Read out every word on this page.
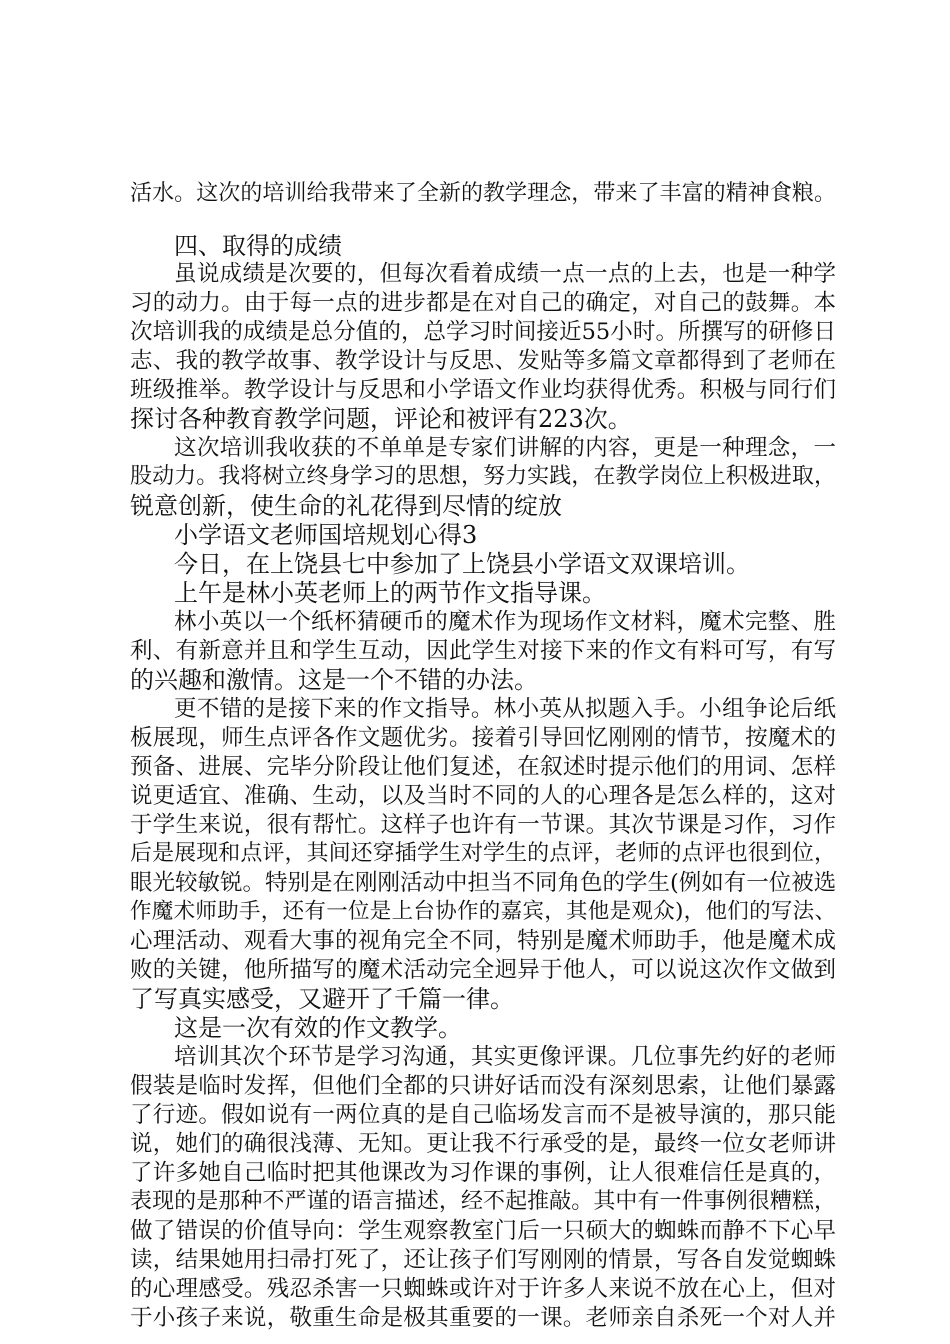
活水。这次的培训给我带来了全新的教学理念，带来了丰富的精神食粮。
四、取得的成绩
虽说成绩是次要的，但每次看着成绩一点一点的上去，也是一种学
习的动力。由于每一点的进步都是在对自己的确定，对自己的鼓舞。本
次培训我的成绩是总分值的，总学习时间接近55小时。所撰写的研修日
志、我的教学故事、教学设计与反思、发贴等多篇文章都得到了老师在
班级推举。教学设计与反思和小学语文作业均获得优秀。积极与同行们
探讨各种教育教学问题，评论和被评有223次。
这次培训我收获的不单单是专家们讲解的内容，更是一种理念，一
股动力。我将树立终身学习的思想，努力实践，在教学岗位上积极进取，
锐意创新，使生命的礼花得到尽情的绽放
小学语文老师国培规划心得3
今日，在上饶县七中参加了上饶县小学语文双课培训。
上午是林小英老师上的两节作文指导课。
林小英以一个纸杯猜硬币的魔术作为现场作文材料，魔术完整、胜
利、有新意并且和学生互动，因此学生对接下来的作文有料可写，有写
的兴趣和激情。这是一个不错的办法。
更不错的是接下来的作文指导。林小英从拟题入手。小组争论后纸
板展现，师生点评各作文题优劣。接着引导回忆刚刚的情节，按魔术的
预备、进展、完毕分阶段让他们复述，在叙述时提示他们的用词、怎样
说更适宜、准确、生动，以及当时不同的人的心理各是怎么样的，这对
于学生来说，很有帮忙。这样子也许有一节课。其次节课是习作，习作
后是展现和点评，其间还穿插学生对学生的点评，老师的点评也很到位，
眼光较敏锐。特别是在刚刚活动中担当不同角色的学生(例如有一位被选
作魔术师助手，还有一位是上台协作的嘉宾，其他是观众)，他们的写法、
心理活动、观看大事的视角完全不同，特别是魔术师助手，他是魔术成
败的关键，他所描写的魔术活动完全迥异于他人，可以说这次作文做到
了写真实感受，又避开了千篇一律。
这是一次有效的作文教学。
培训其次个环节是学习沟通，其实更像评课。几位事先约好的老师
假装是临时发挥，但他们全都的只讲好话而没有深刻思索，让他们暴露
了行迹。假如说有一两位真的是自己临场发言而不是被导演的，那只能
说，她们的确很浅薄、无知。更让我不行承受的是，最终一位女老师讲
了许多她自己临时把其他课改为习作课的事例，让人很难信任是真的，
表现的是那种不严谨的语言描述，经不起推敲。其中有一件事例很糟糕，
做了错误的价值导向：学生观察教室门后一只硕大的蜘蛛而静不下心早
读，结果她用扫帚打死了，还让孩子们写刚刚的情景，写各自发觉蜘蛛
的心理感受。残忍杀害一只蜘蛛或许对于许多人来说不放在心上，但对
于小孩子来说，敬重生命是极其重要的一课。老师亲自杀死一个对人并
